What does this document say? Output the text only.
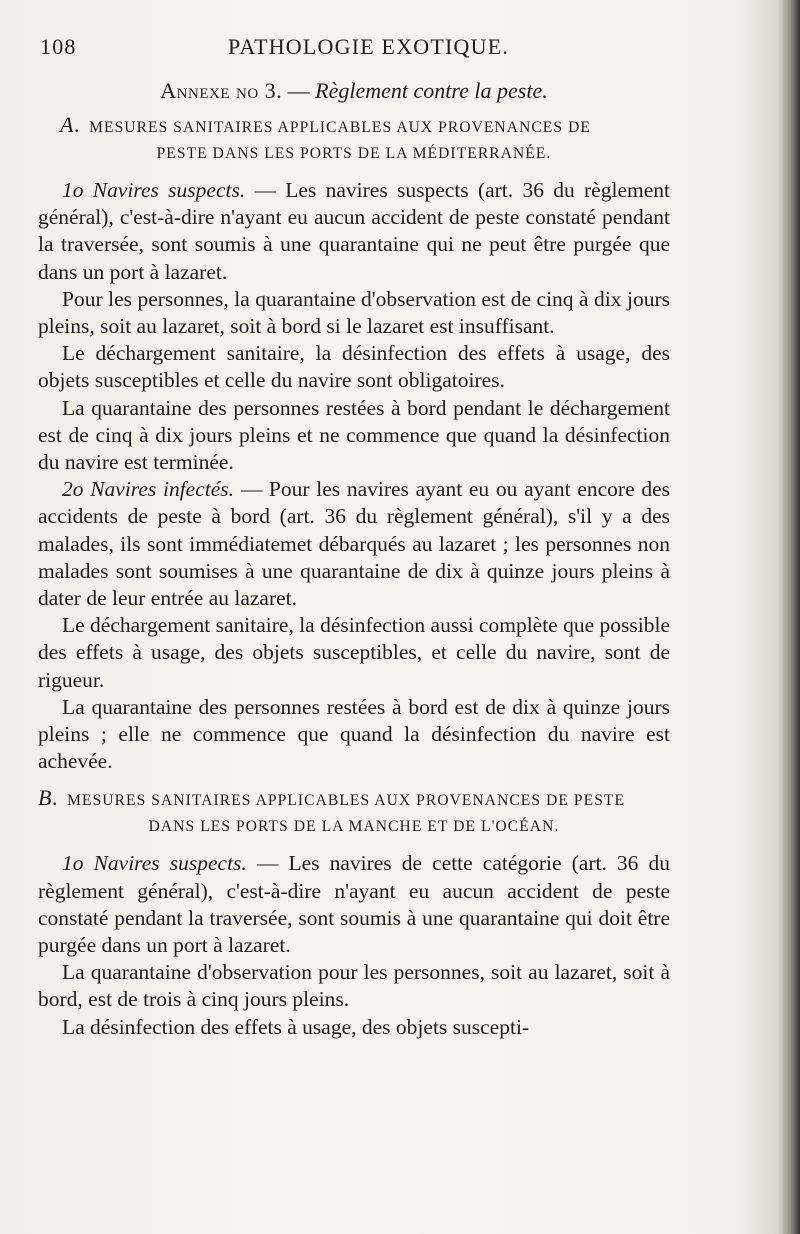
108	PATHOLOGIE EXOTIQUE.
Annexe no 3. — Règlement contre la peste.
A. MESURES SANITAIRES APPLICABLES AUX PROVENANCES DE
PESTE DANS LES PORTS DE LA MÉDITERRANÉE.

1o Navires suspects. — Les navires suspects (art. 36 du règlement général), c'est-à-dire n'ayant eu aucun accident de peste constaté pendant la traversée, sont soumis à une quarantaine qui ne peut être purgée que dans un port à lazaret.

Pour les personnes, la quarantaine d'observation est de cinq à dix jours pleins, soit au lazaret, soit à bord si le lazaret est insuffisant.

Le déchargement sanitaire, la désinfection des effets à usage, des objets susceptibles et celle du navire sont obligatoires.

La quarantaine des personnes restées à bord pendant le déchargement est de cinq à dix jours pleins et ne commence que quand la désinfection du navire est terminée.

2o Navires infectés. — Pour les navires ayant eu ou ayant encore des accidents de peste à bord (art. 36 du règlement général), s'il y a des malades, ils sont immédiatemet débarqués au lazaret ; les personnes non malades sont soumises à une quarantaine de dix à quinze jours pleins à dater de leur entrée au lazaret.

Le déchargement sanitaire, la désinfection aussi complète que possible des effets à usage, des objets susceptibles, et celle du navire, sont de rigueur.

La quarantaine des personnes restées à bord est de dix à quinze jours pleins ; elle ne commence que quand la désinfection du navire est achevée.

B. MESURES SANITAIRES APPLICABLES AUX PROVENANCES DE PESTE
DANS LES PORTS DE LA MANCHE ET DE L'OCÉAN.

1o Navires suspects. — Les navires de cette catégorie (art. 36 du règlement général), c'est-à-dire n'ayant eu aucun accident de peste constaté pendant la traversée, sont soumis à une quarantaine qui doit être purgée dans un port à lazaret.

La quarantaine d'observation pour les personnes, soit au lazaret, soit à bord, est de trois à cinq jours pleins.

La désinfection des effets à usage, des objets suscepti-
